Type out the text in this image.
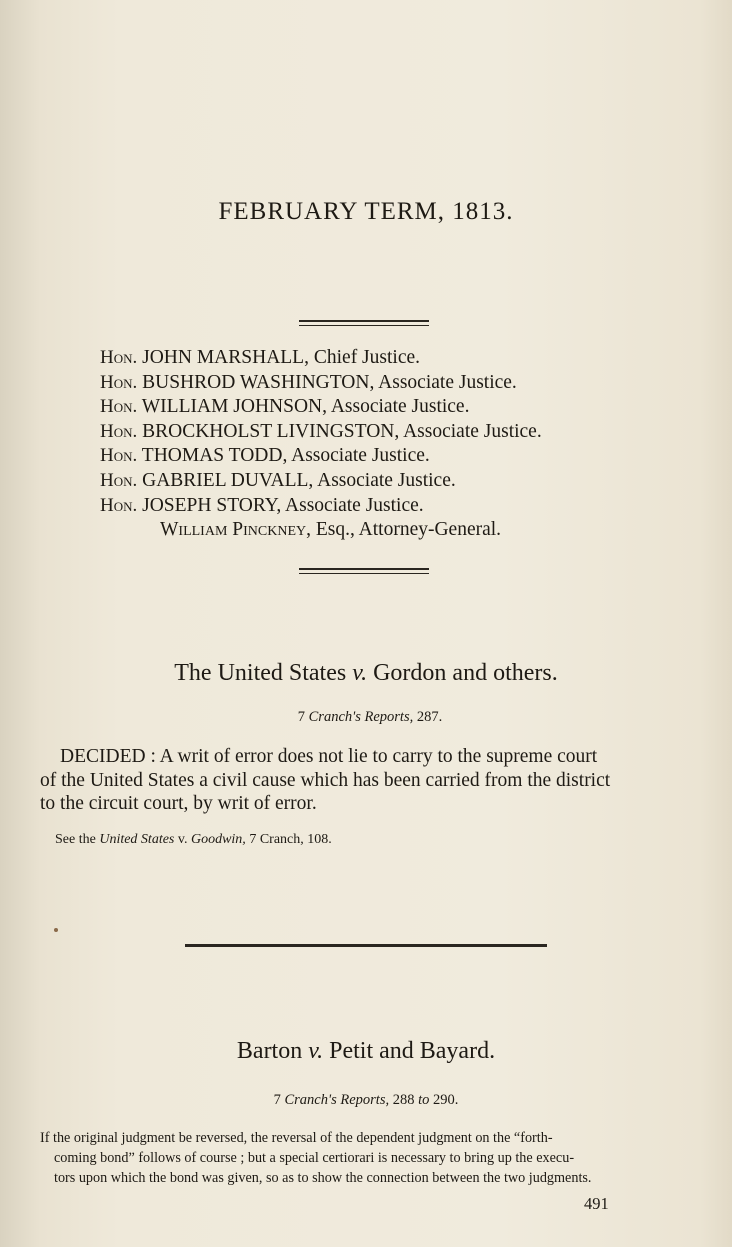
FEBRUARY TERM, 1813.
Hon. JOHN MARSHALL, Chief Justice.
Hon. BUSHROD WASHINGTON, Associate Justice.
Hon. WILLIAM JOHNSON, Associate Justice.
Hon. BROCKHOLST LIVINGSTON, Associate Justice.
Hon. THOMAS TODD, Associate Justice.
Hon. GABRIEL DUVALL, Associate Justice.
Hon. JOSEPH STORY, Associate Justice.
William Pinckney, Esq., Attorney-General.
The United States v. Gordon and others.
7 Cranch's Reports, 287.
DECIDED : A writ of error does not lie to carry to the supreme court
of the United States a civil cause which has been carried from the district
to the circuit court, by writ of error.
See the United States v. Goodwin, 7 Cranch, 108.
Barton v. Petit and Bayard.
7 Cranch's Reports, 288 to 290.
If the original judgment be reversed, the reversal of the dependent judgment on the “forth-
coming bond” follows of course ; but a special certiorari is necessary to bring up the execu-
tors upon which the bond was given, so as to show the connection between the two judgments.
491
